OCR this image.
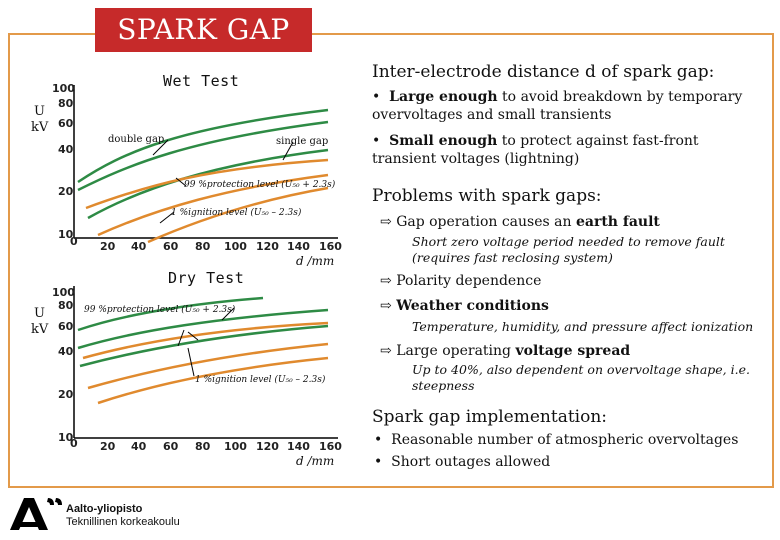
SPARK GAP
Wet Test
U
kV
100
80
60
40
20
10
0 20 40 60 80 100 120 140 160
d /mm
double gap	single gap
99 %protection level (U₅₀ + 2.3s)
1 %ignition level (U₅₀ – 2.3s)
Dry Test
U
kV
100
80
60
40
20
10
0 20 40 60 80 100 120 140 160
d /mm
99 %protection level (U₅₀ + 2.3s)
1 %ignition level (U₅₀ – 2.3s)
Inter-electrode distance d of spark gap:
•  Large enough to avoid breakdown by temporary overvoltages and small transients
•  Small enough to protect against fast-front transient voltages (lightning)
Problems with spark gaps:
⇨ Gap operation causes an earth fault
Short zero voltage period needed to remove fault (requires fast reclosing system)
⇨ Polarity dependence
⇨ Weather conditions
Temperature, humidity, and pressure affect ionization
⇨ Large operating voltage spread
Up to 40%, also dependent on overvoltage shape, i.e. steepness
Spark gap implementation:
•  Reasonable number of atmospheric overvoltages
•  Short outages allowed
Aalto-yliopisto
Teknillinen korkeakoulu
